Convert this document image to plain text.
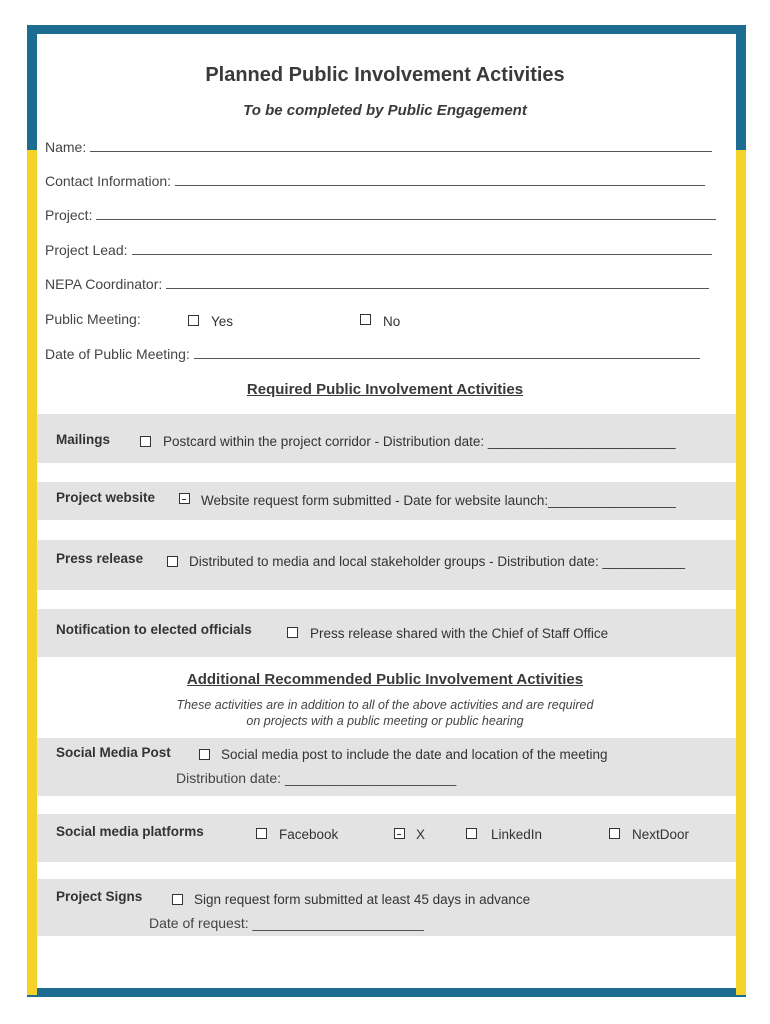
Planned Public Involvement Activities
To be completed by Public Engagement
Name:
Contact Information:
Project:
Project Lead:
NEPA Coordinator:
Public Meeting:	Yes	No
Date of Public Meeting:
Required Public Involvement Activities
Mailings	Postcard within the project corridor - Distribution date: _________________________
Project website	Website request form submitted - Date for website launch:_________________
Press release	Distributed to media and local stakeholder groups - Distribution date: ___________
Notification to elected officials	Press release shared with the Chief of Staff Office
Additional Recommended Public Involvement Activities
These activities are in addition to all of the above activities and are required
on projects with a public meeting or public hearing
Social Media Post	Social media post to include the date and location of the meeting
Distribution date: ______________________
Social media platforms	Facebook	X	LinkedIn	NextDoor
Project Signs	Sign request form submitted at least 45 days in advance
Date of request: ______________________
